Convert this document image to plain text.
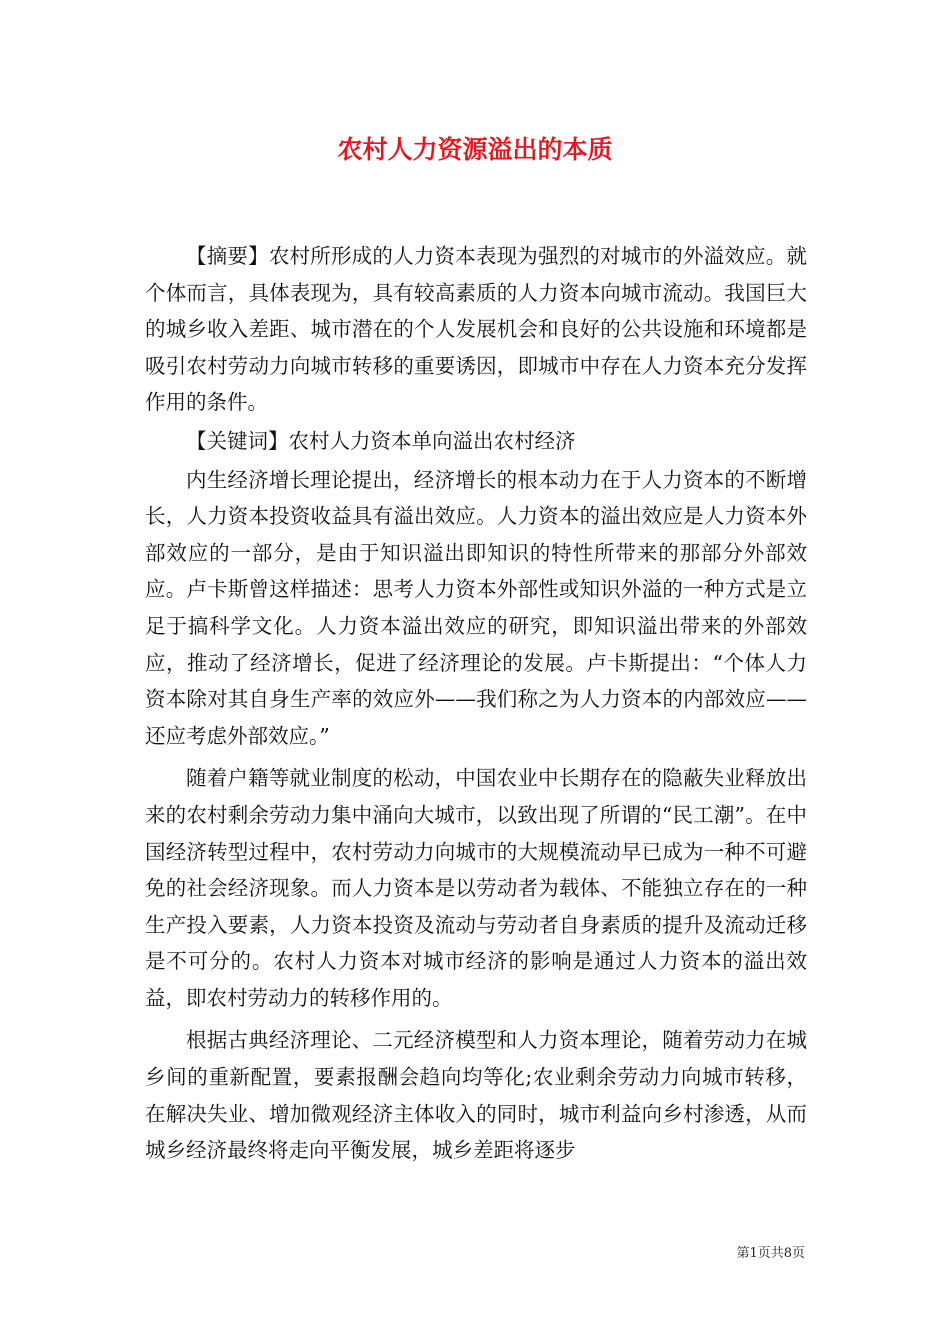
农村人力资源溢出的本质

【摘要】农村所形成的人力资本表现为强烈的对城市的外溢效应。就个体而言，具体表现为，具有较高素质的人力资本向城市流动。我国巨大的城乡收入差距、城市潜在的个人发展机会和良好的公共设施和环境都是吸引农村劳动力向城市转移的重要诱因，即城市中存在人力资本充分发挥作用的条件。

【关键词】农村人力资本单向溢出农村经济

内生经济增长理论提出，经济增长的根本动力在于人力资本的不断增长，人力资本投资收益具有溢出效应。人力资本的溢出效应是人力资本外部效应的一部分，是由于知识溢出即知识的特性所带来的那部分外部效应。卢卡斯曾这样描述：思考人力资本外部性或知识外溢的一种方式是立足于搞科学文化。人力资本溢出效应的研究，即知识溢出带来的外部效应，推动了经济增长，促进了经济理论的发展。卢卡斯提出：“个体人力资本除对其自身生产率的效应外——我们称之为人力资本的内部效应——还应考虑外部效应。”

随着户籍等就业制度的松动，中国农业中长期存在的隐蔽失业释放出来的农村剩余劳动力集中涌向大城市，以致出现了所谓的“民工潮”。在中国经济转型过程中，农村劳动力向城市的大规模流动早已成为一种不可避免的社会经济现象。而人力资本是以劳动者为载体、不能独立存在的一种生产投入要素，人力资本投资及流动与劳动者自身素质的提升及流动迁移是不可分的。农村人力资本对城市经济的影响是通过人力资本的溢出效益，即农村劳动力的转移作用的。

根据古典经济理论、二元经济模型和人力资本理论，随着劳动力在城乡间的重新配置，要素报酬会趋向均等化;农业剩余劳动力向城市转移，在解决失业、增加微观经济主体收入的同时，城市利益向乡村渗透，从而城乡经济最终将走向平衡发展，城乡差距将逐步

第1页共8页
